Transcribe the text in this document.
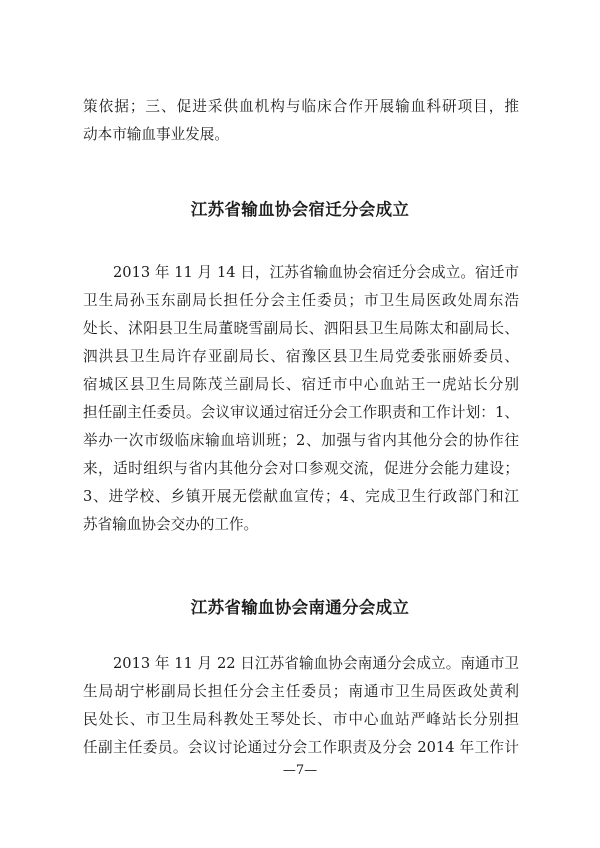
策依据；三、促进采供血机构与临床合作开展输血科研项目，推
动本市输血事业发展。
江苏省输血协会宿迁分会成立
2013 年 11 月 14 日，江苏省输血协会宿迁分会成立。宿迁市
卫生局孙玉东副局长担任分会主任委员；市卫生局医政处周东浩
处长、沭阳县卫生局董晓雪副局长、泗阳县卫生局陈太和副局长、
泗洪县卫生局许存亚副局长、宿豫区县卫生局党委张丽娇委员、
宿城区县卫生局陈茂兰副局长、宿迁市中心血站王一虎站长分别
担任副主任委员。会议审议通过宿迁分会工作职责和工作计划：1、
举办一次市级临床输血培训班；2、加强与省内其他分会的协作往
来，适时组织与省内其他分会对口参观交流，促进分会能力建设；
3、进学校、乡镇开展无偿献血宣传；4、完成卫生行政部门和江
苏省输血协会交办的工作。
江苏省输血协会南通分会成立
2013 年 11 月 22 日江苏省输血协会南通分会成立。南通市卫
生局胡宁彬副局长担任分会主任委员；南通市卫生局医政处黄利
民处长、市卫生局科教处王琴处长、市中心血站严峰站长分别担
任副主任委员。会议讨论通过分会工作职责及分会 2014 年工作计
—7—
